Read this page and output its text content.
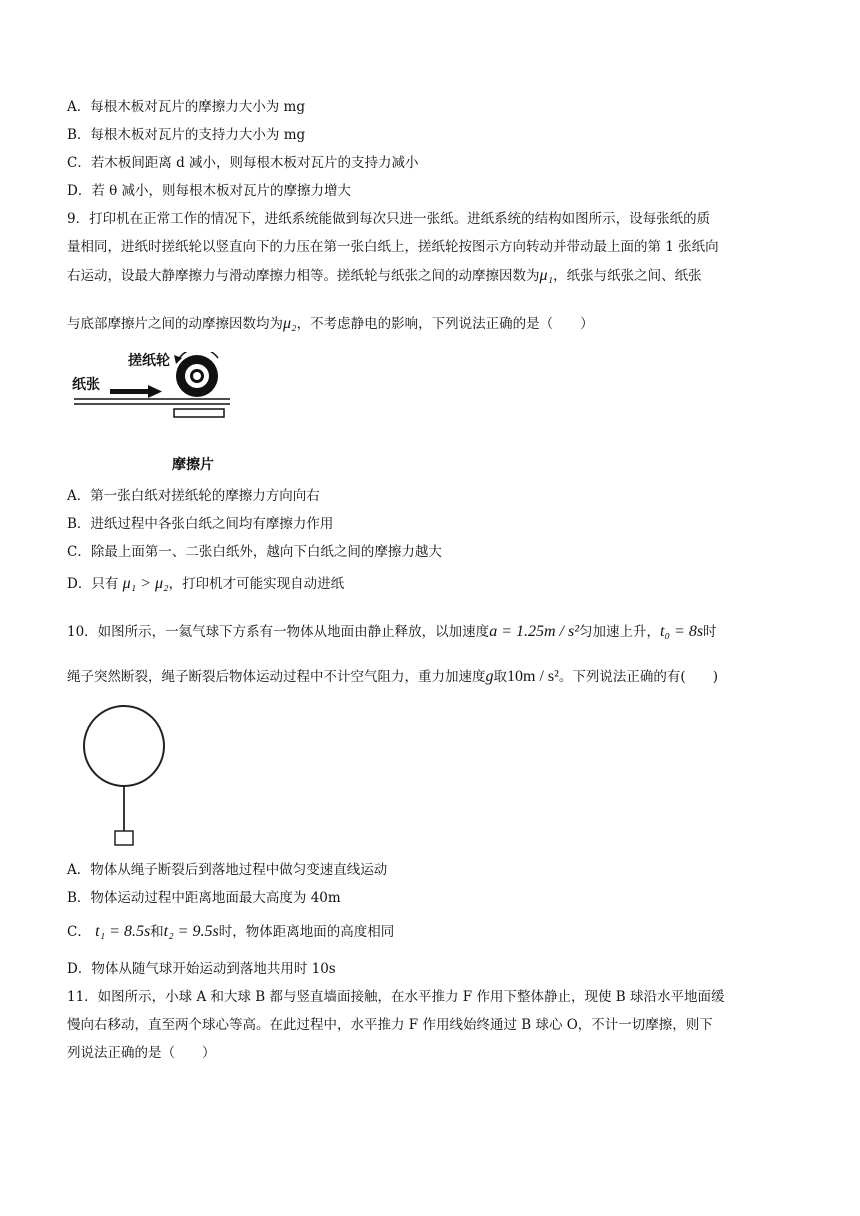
A．每根木板对瓦片的摩擦力大小为 mg
B．每根木板对瓦片的支持力大小为 mg
C．若木板间距离 d 减小，则每根木板对瓦片的支持力减小
D．若 θ 减小，则每根木板对瓦片的摩擦力增大
9．打印机在正常工作的情况下，进纸系统能做到每次只进一张纸。进纸系统的结构如图所示，设每张纸的质
量相同，进纸时搓纸轮以竖直向下的力压在第一张白纸上，搓纸轮按图示方向转动并带动最上面的第 1 张纸向
右运动，设最大静摩擦力与滑动摩擦力相等。搓纸轮与纸张之间的动摩擦因数为μ₁，纸张与纸张之间、纸张
与底部摩擦片之间的动摩擦因数均为μ₂，不考虑静电的影响，下列说法正确的是（　　）
搓纸轮
纸张
摩擦片
A．第一张白纸对搓纸轮的摩擦力方向向右
B．进纸过程中各张白纸之间均有摩擦力作用
C．除最上面第一、二张白纸外，越向下白纸之间的摩擦力越大
D．只有 μ₁ > μ₂，打印机才可能实现自动进纸
10．如图所示，一氦气球下方系有一物体从地面由静止释放，以加速度a = 1.25m / s²匀加速上升，t₀ = 8s时
绳子突然断裂，绳子断裂后物体运动过程中不计空气阻力，重力加速度g取10m / s²。下列说法正确的有(　　)
A．物体从绳子断裂后到落地过程中做匀变速直线运动
B．物体运动过程中距离地面最大高度为 40m
C． t₁ = 8.5s和t₂ = 9.5s时，物体距离地面的高度相同
D．物体从随气球开始运动到落地共用时 10s
11．如图所示，小球 A 和大球 B 都与竖直墙面接触，在水平推力 F 作用下整体静止，现使 B 球沿水平地面缓
慢向右移动，直至两个球心等高。在此过程中，水平推力 F 作用线始终通过 B 球心 O，不计一切摩擦，则下
列说法正确的是（　　）
